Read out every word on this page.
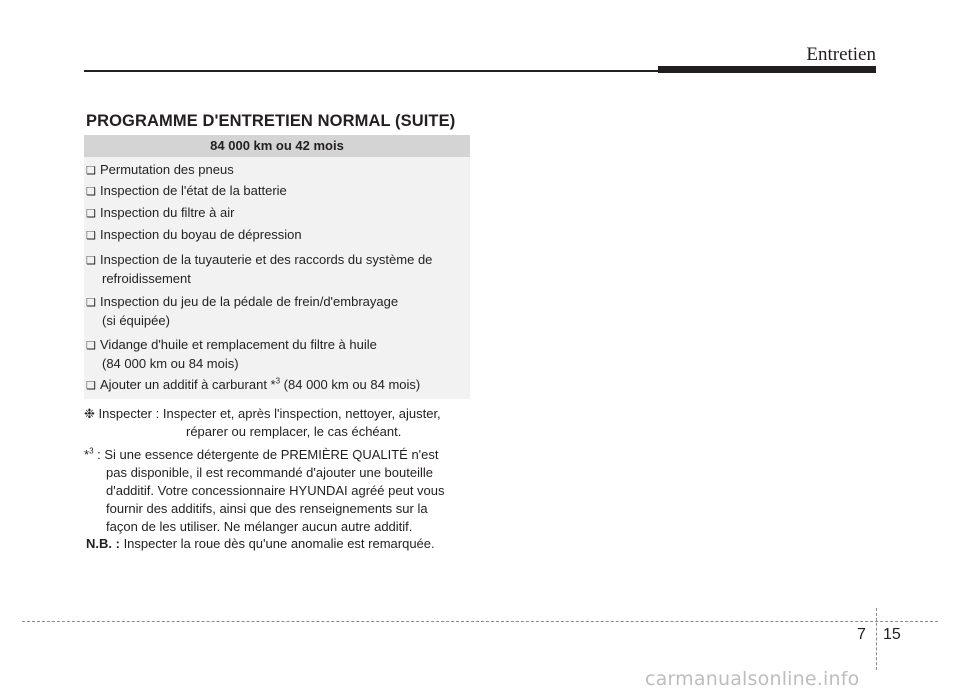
Entretien
PROGRAMME D'ENTRETIEN NORMAL (SUITE)
84 000 km ou 42 mois
❑ Permutation des pneus
❑ Inspection de l'état de la batterie
❑ Inspection du filtre à air
❑ Inspection du boyau de dépression
❑ Inspection de la tuyauterie et des raccords du système de
refroidissement
❑ Inspection du jeu de la pédale de frein/d'embrayage
(si équipée)
❑ Vidange d'huile et remplacement du filtre à huile
(84 000 km ou 84 mois)
❑ Ajouter un additif à carburant *$^3$ (84 000 km ou 84 mois)
❉ Inspecter : Inspecter et, après l'inspection, nettoyer, ajuster,
réparer ou remplacer, le cas échéant.
*$^3$ : Si une essence détergente de PREMIÈRE QUALITÉ n'est
pas disponible, il est recommandé d'ajouter une bouteille
d'additif. Votre concessionnaire HYUNDAI agréé peut vous
fournir des additifs, ainsi que des renseignements sur la
façon de les utiliser. Ne mélanger aucun autre additif.
N.B. : Inspecter la roue dès qu'une anomalie est remarquée.
7 15
carmanualsonline.info
